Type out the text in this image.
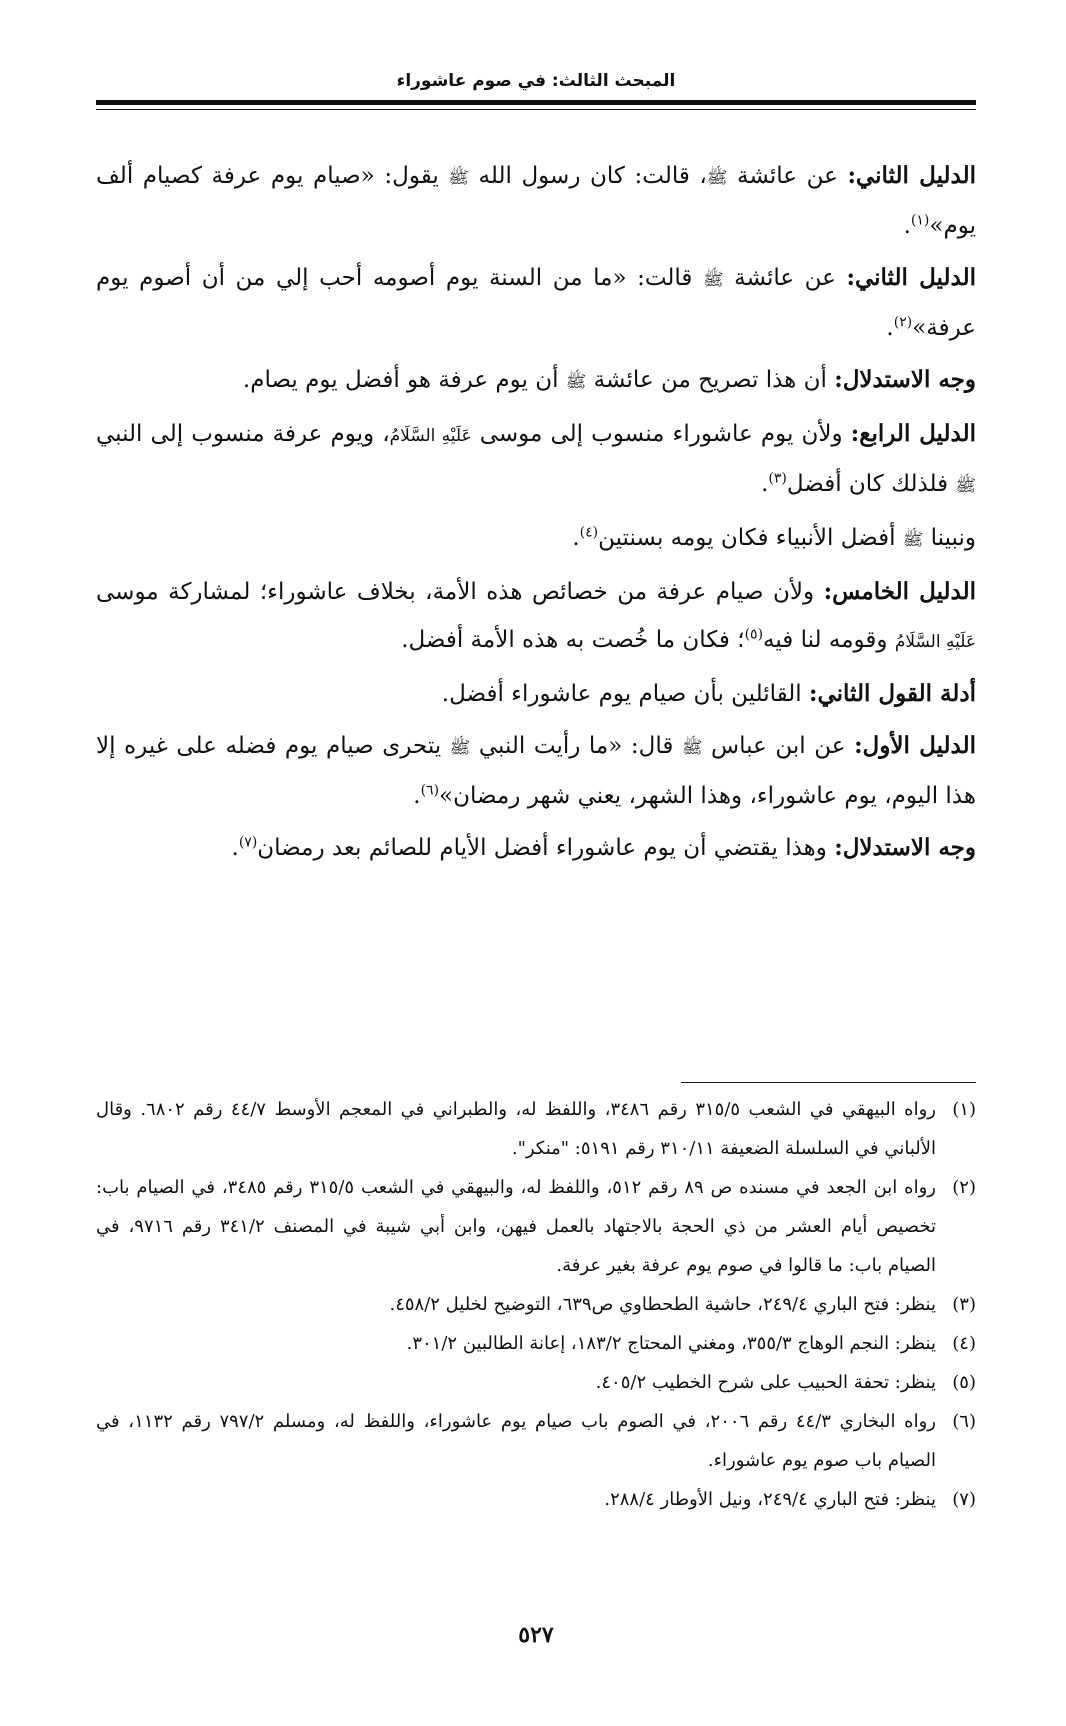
المبحث الثالث: في صوم عاشوراء

الدليل الثاني: عن عائشة ﷺ، قالت: كان رسول الله ﷺ يقول: «صيام يوم عرفة كصيام ألف يوم»$^{(١)}$.

الدليل الثاني: عن عائشة ﷺ قالت: «ما من السنة يوم أصومه أحب إلي من أن أصوم يوم عرفة»$^{(٢)}$.

وجه الاستدلال: أن هذا تصريح من عائشة ﷺ أن يوم عرفة هو أفضل يوم يصام.

الدليل الرابع: ولأن يوم عاشوراء منسوب إلى موسى عَلَيْهِ السَّلَامُ، ويوم عرفة منسوب إلى النبي ﷺ فلذلك كان أفضل$^{(٣)}$.

ونبينا ﷺ أفضل الأنبياء فكان يومه بسنتين$^{(٤)}$.

الدليل الخامس: ولأن صيام عرفة من خصائص هذه الأمة، بخلاف عاشوراء؛ لمشاركة موسى عَلَيْهِ السَّلَامُ وقومه لنا فيه$^{(٥)}$؛ فكان ما خُصت به هذه الأمة أفضل.

أدلة القول الثاني: القائلين بأن صيام يوم عاشوراء أفضل.

الدليل الأول: عن ابن عباس ﷺ قال: «ما رأيت النبي ﷺ يتحرى صيام يوم فضله على غيره إلا هذا اليوم، يوم عاشوراء، وهذا الشهر، يعني شهر رمضان»$^{(٦)}$.

وجه الاستدلال: وهذا يقتضي أن يوم عاشوراء أفضل الأيام للصائم بعد رمضان$^{(٧)}$.

(١)رواه البيهقي في الشعب ٣١٥/٥ رقم ٣٤٨٦، واللفظ له، والطبراني في المعجم الأوسط ٤٤/٧ رقم ٦٨٠٢. وقال الألباني في السلسلة الضعيفة ٣١٠/١١ رقم ٥١٩١: "منكر".

(٢)رواه ابن الجعد في مسنده ص ٨٩ رقم ٥١٢، واللفظ له، والبيهقي في الشعب ٣١٥/٥ رقم ٣٤٨٥، في الصيام باب: تخصيص أيام العشر من ذي الحجة بالاجتهاد بالعمل فيهن، وابن أبي شيبة في المصنف ٣٤١/٢ رقم ٩٧١٦، في الصيام باب: ما قالوا في صوم يوم عرفة بغير عرفة.

(٣)ينظر: فتح الباري ٢٤٩/٤، حاشية الطحطاوي ص٦٣٩، التوضيح لخليل ٤٥٨/٢.

(٤)ينظر: النجم الوهاج ٣٥٥/٣، ومغني المحتاج ١٨٣/٢، إعانة الطالبين ٣٠١/٢.

(٥)ينظر: تحفة الحبيب على شرح الخطيب ٤٠٥/٢.

(٦)رواه البخاري ٤٤/٣ رقم ٢٠٠٦، في الصوم باب صيام يوم عاشوراء، واللفظ له، ومسلم ٧٩٧/٢ رقم ١١٣٢، في الصيام باب صوم يوم عاشوراء.

(٧)ينظر: فتح الباري ٢٤٩/٤، ونيل الأوطار ٢٨٨/٤.

٥٢٧
